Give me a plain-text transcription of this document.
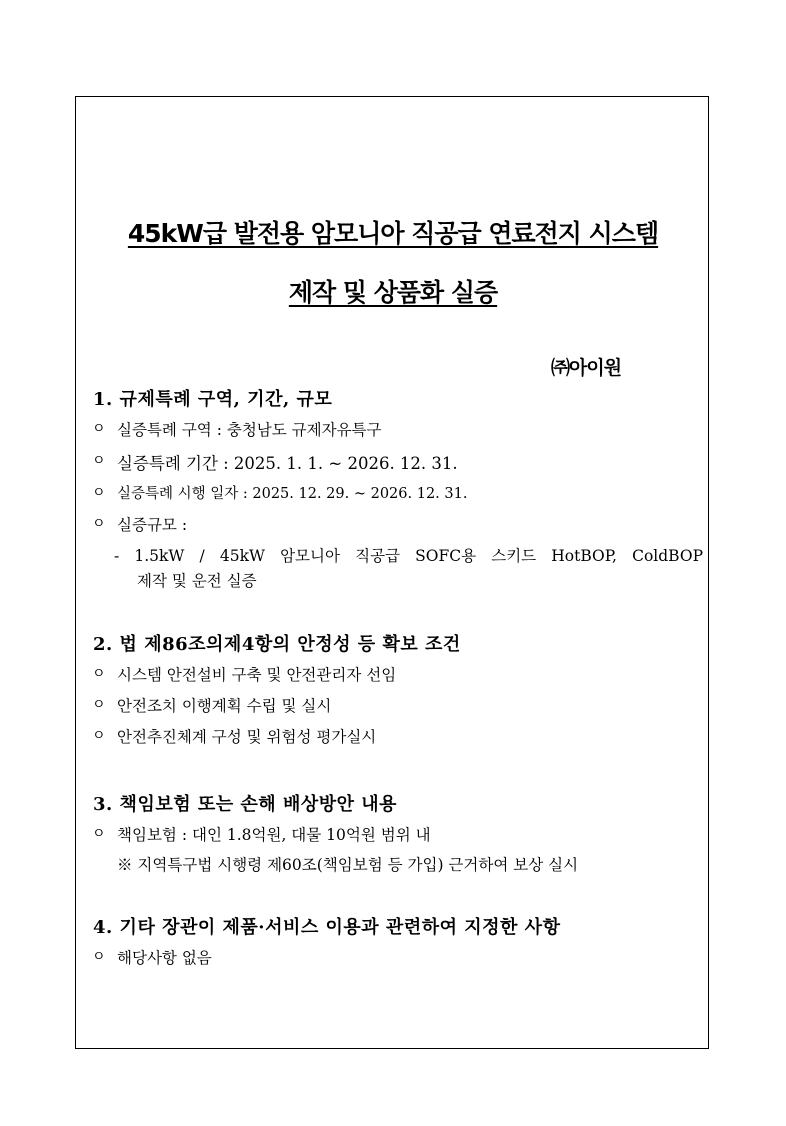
45kW급 발전용 암모니아 직공급 연료전지 시스템
제작 및 상품화 실증
㈜아이원
1. 규제특례 구역, 기간, 규모
ㅇ 실증특례 구역 : 충청남도 규제자유특구
ㅇ 실증특례 기간 : 2025. 1. 1. ~ 2026. 12. 31.
ㅇ 실증특례 시행 일자 : 2025. 12. 29. ~ 2026. 12. 31.
ㅇ 실증규모 :
- 1.5kW / 45kW 암모니아 직공급 SOFC용 스키드 HotBOP, ColdBOP
제작 및 운전 실증
2. 법 제86조의제4항의 안정성 등 확보 조건
ㅇ 시스템 안전설비 구축 및 안전관리자 선임
ㅇ 안전조치 이행계획 수립 및 실시
ㅇ 안전추진체계 구성 및 위험성 평가실시
3. 책임보험 또는 손해 배상방안 내용
ㅇ 책임보험 : 대인 1.8억원, 대물 10억원 범위 내
※ 지역특구법 시행령 제60조(책임보험 등 가입) 근거하여 보상 실시
4. 기타 장관이 제품·서비스 이용과 관련하여 지정한 사항
ㅇ 해당사항 없음
